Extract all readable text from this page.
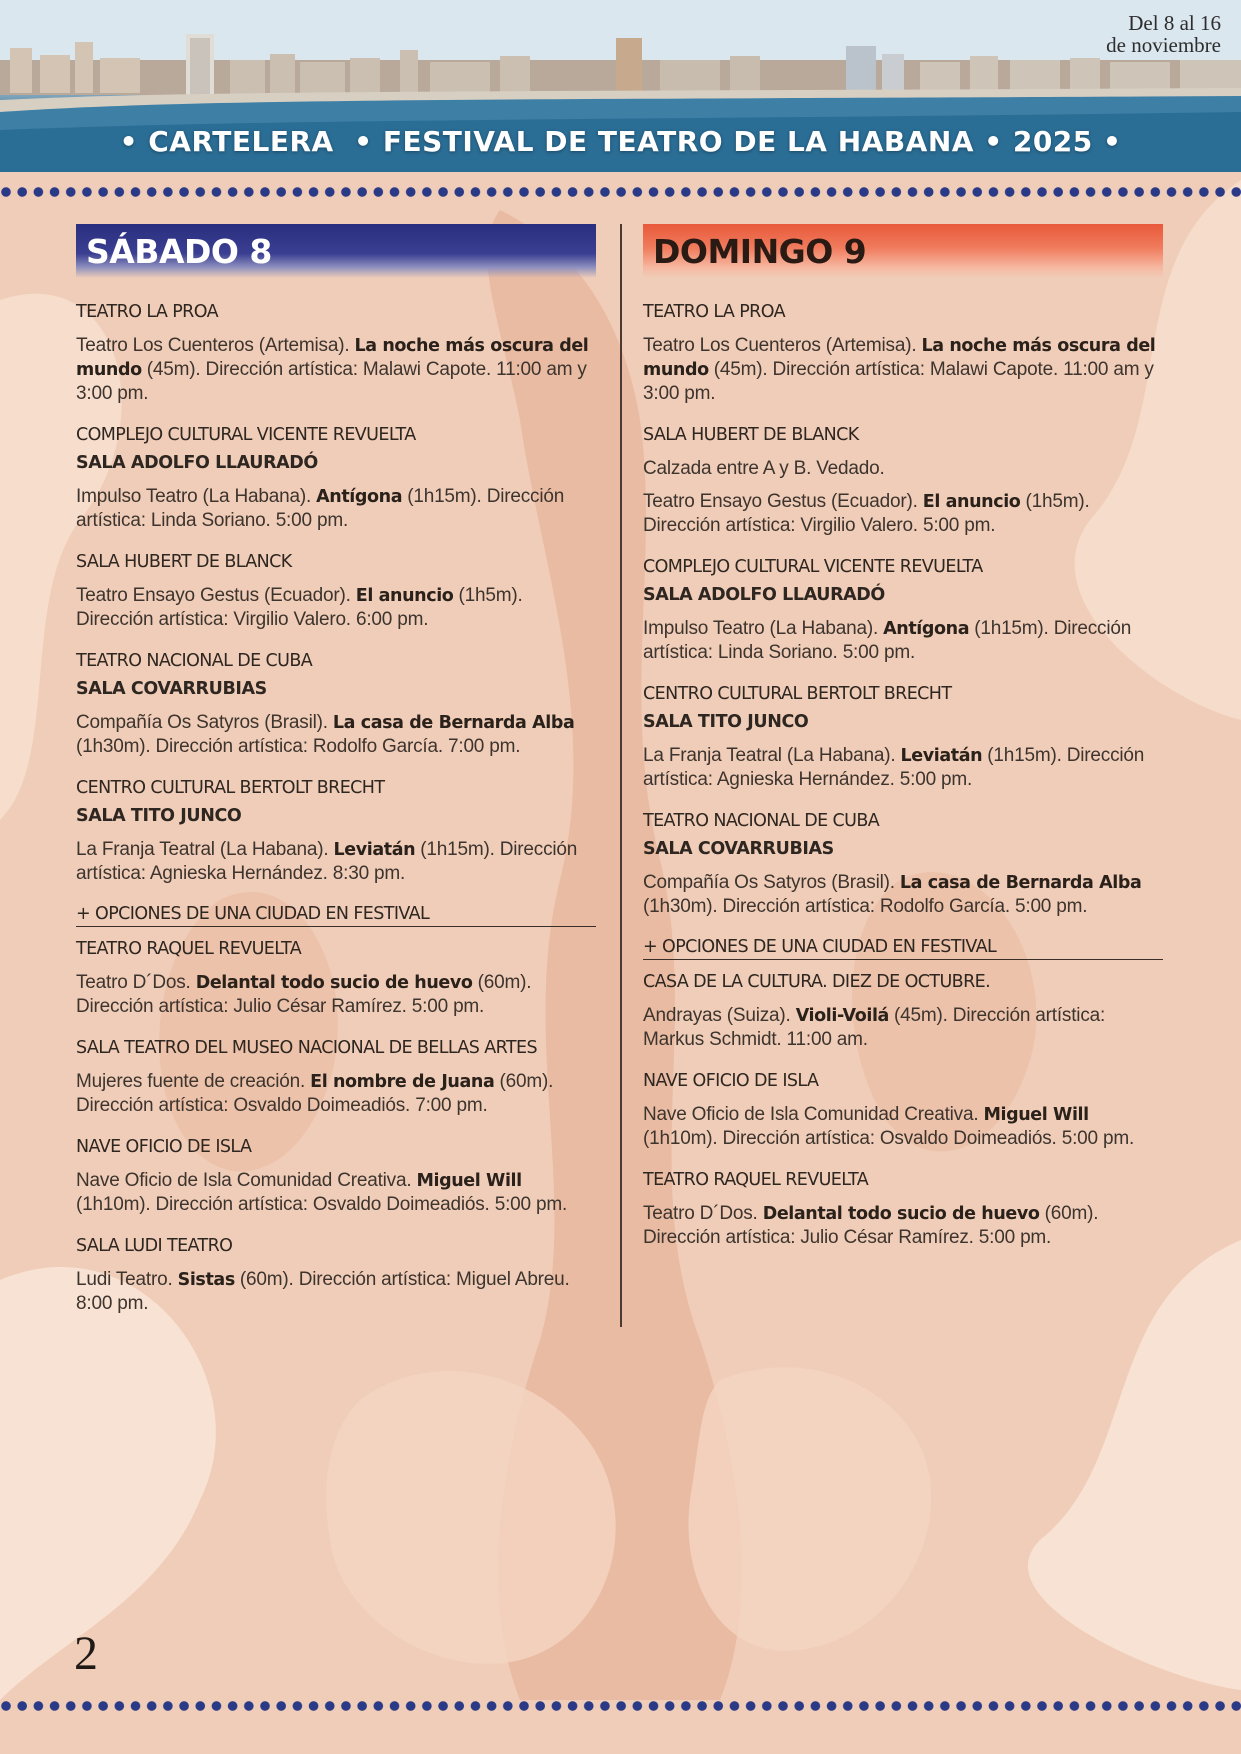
Del 8 al 16
de noviembre
• CARTELERA  • FESTIVAL DE TEATRO DE LA HABANA • 2025 •
SÁBADO 8
TEATRO LA PROA
Teatro Los Cuenteros (Artemisa). La noche más oscura del mundo (45m). Dirección artística: Malawi Capote. 11:00 am y 3:00 pm.
COMPLEJO CULTURAL VICENTE REVUELTA
SALA ADOLFO LLAURADÓ
Impulso Teatro (La Habana). Antígona (1h15m). Dirección artística: Linda Soriano. 5:00 pm.
SALA HUBERT DE BLANCK
Teatro Ensayo Gestus (Ecuador). El anuncio (1h5m). Dirección artística: Virgilio Valero. 6:00 pm.
TEATRO NACIONAL DE CUBA
SALA COVARRUBIAS
Compañía Os Satyros (Brasil). La casa de Bernarda Alba (1h30m). Dirección artística: Rodolfo García. 7:00 pm.
CENTRO CULTURAL BERTOLT BRECHT
SALA TITO JUNCO
La Franja Teatral (La Habana). Leviatán (1h15m). Dirección artística: Agnieska Hernández. 8:30 pm.
+ OPCIONES DE UNA CIUDAD EN FESTIVAL
TEATRO RAQUEL REVUELTA
Teatro D´Dos. Delantal todo sucio de huevo (60m). Dirección artística: Julio César Ramírez. 5:00 pm.
SALA TEATRO DEL MUSEO NACIONAL DE BELLAS ARTES
Mujeres fuente de creación. El nombre de Juana (60m). Dirección artística: Osvaldo Doimeadiós. 7:00 pm.
NAVE OFICIO DE ISLA
Nave Oficio de Isla Comunidad Creativa. Miguel Will (1h10m). Dirección artística: Osvaldo Doimeadiós. 5:00 pm.
SALA LUDI TEATRO
Ludi Teatro. Sistas (60m). Dirección artística: Miguel Abreu. 8:00 pm.
DOMINGO 9
TEATRO LA PROA
Teatro Los Cuenteros (Artemisa). La noche más oscura del mundo (45m). Dirección artística: Malawi Capote. 11:00 am y 3:00 pm.
SALA HUBERT DE BLANCK
Calzada entre A y B. Vedado.
Teatro Ensayo Gestus (Ecuador). El anuncio (1h5m). Dirección artística: Virgilio Valero. 5:00 pm.
COMPLEJO CULTURAL VICENTE REVUELTA
SALA ADOLFO LLAURADÓ
Impulso Teatro (La Habana). Antígona (1h15m). Dirección artística: Linda Soriano. 5:00 pm.
CENTRO CULTURAL BERTOLT BRECHT
SALA TITO JUNCO
La Franja Teatral (La Habana). Leviatán (1h15m). Dirección artística: Agnieska Hernández. 5:00 pm.
TEATRO NACIONAL DE CUBA
SALA COVARRUBIAS
Compañía Os Satyros (Brasil). La casa de Bernarda Alba (1h30m). Dirección artística: Rodolfo García. 5:00 pm.
+ OPCIONES DE UNA CIUDAD EN FESTIVAL
CASA DE LA CULTURA. DIEZ DE OCTUBRE.
Andrayas (Suiza). Violi-Voilá (45m). Dirección artística: Markus Schmidt. 11:00 am.
NAVE OFICIO DE ISLA
Nave Oficio de Isla Comunidad Creativa. Miguel Will (1h10m). Dirección artística: Osvaldo Doimeadiós. 5:00 pm.
TEATRO RAQUEL REVUELTA
Teatro D´Dos. Delantal todo sucio de huevo (60m). Dirección artística: Julio César Ramírez. 5:00 pm.
2
